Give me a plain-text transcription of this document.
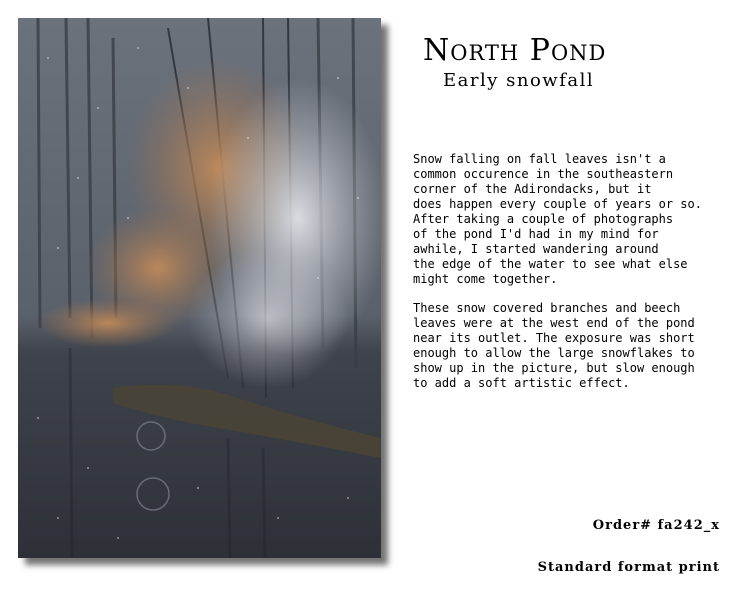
North Pond
Early snowfall

Snow falling on fall leaves isn't a
common occurence in the southeastern
corner of the Adirondacks, but it
does happen every couple of years or so.
After taking a couple of photographs
of the pond I'd had in my mind for
awhile, I started wandering around
the edge of the water to see what else
might come together.

These snow covered branches and beech
leaves were at the west end of the pond
near its outlet. The exposure was short
enough to allow the large snowflakes to
show up in the picture, but slow enough
to add a soft artistic effect.

Order# fa242_x
Standard format print
